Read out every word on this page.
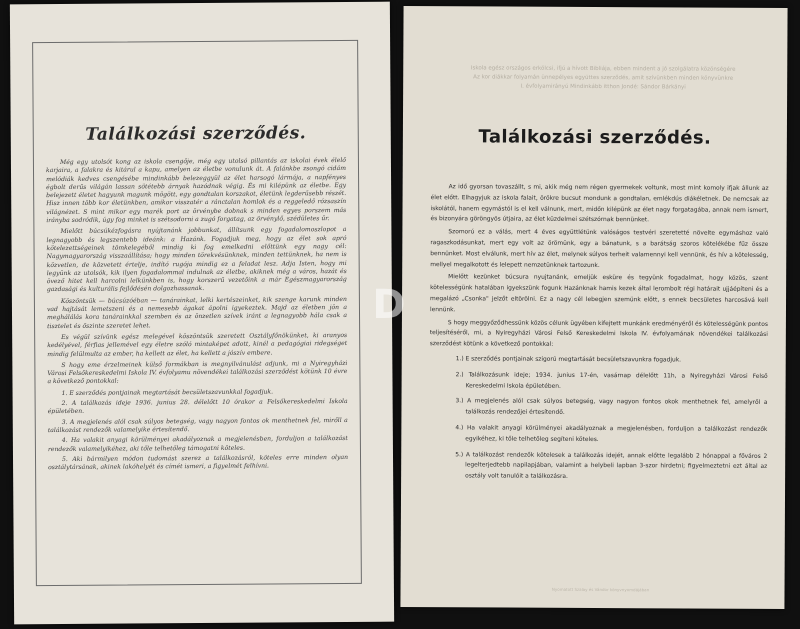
Találkozási szerződés.

Még egy utolsót kong az iskola csengője, még egy utolsó pillantás az iskolai évek élelő karjaira, a falakra és kitárul a kapu, amelyen az életbe vonulunk át. A falánkbe zsongó cidám melódiák kedves csengésébe mindinkább belezeggyül az élet harsogó lármája, a napfényes égbolt derűs világán lassan sötétebb árnyak hazódnak végig. És mi kilépünk az életbe. Egy belejezett életet hagyunk magunk mögött, egy gondtalan korszakot, életünk legderűsebb részét. Hisz innen több kor életünkben, amikor visszatér a ránctalan homlok és a reggeledő rózsaszín világnézet. S mint mikor egy marék port az örvénybe dobnak s minden egyes porszem más irányba sodródik, úgy fog minket is szétsodorni a zugó forgatag, az örvénylő, szédületes űr.

Mielőtt búcsúkézfogásra nyújtanánk jobbunkat, állítsunk egy fogadalomoszlopot a legnagyobb és legszentebb ideánk: a Hazánk. Fogadjuk meg, hogy az élet sok apró kötelezettségeinek tömkelegéből mindig ki fog emelkedni előttünk egy nagy cél: Nagymagyarország visszaállítása; hogy minden törekvésünknek, minden tettünknek, ha nem is közvetlen, de közvetett értelje, indító rugója mindig ez a feladat lesz. Adja Isten, hogy mi legyünk az utolsók, kik ilyen fogadalommal indulnak az életbe, akiknek még a város, hazát és övező hitet kell harcolni lelkünkben is, hogy korszerű vezetőink a már Egészmagyarország gazdasági és kulturális fejlődésén dolgozhassanak.

Köszöntsük — búcsúzóéban — tanárainkat, lelki kertészeinket, kik szenge karunk minden vad hajtását lemetszeni és a nemesebb ágakat ápolni igyekeztek. Majd az életben jön a meghálálás kora tanárainkkal szemben és az önzetlen szívek iránt a legnagyobb hála csak a tisztelet és őszinte szeretet lehet.

Es végül szívünk egész melegével köszöntsük szeretett Osztályfőnökünket, ki aranyos kedélyével, férfias jellemével egy életre szóló mintaképet adott, kinél a pedagógiai ridegséget mindig felülmulta az ember, ha kellett az élet, ha kellett a jószív embere.

S hogy eme érzelmeinek külső formákban is megnyilvánulást adjunk, mi a Nyiregyházi Városi Felsőkereskedelmi Iskola IV. évfolyamu növendékei találkozási szerződést kötünk 10 évre a következő pontokkal:

1. E szerződés pontjainak megtartását becsületszavunkkal fogadjuk.

2. A találkozás ideje 1936. junius 28. délelőtt 10 órakor a Felsőkereskedelmi Iskola épületében.

3. A megjelenés alól csak súlyos betegség, vagy nagyon fontos ok menthetnek fel, mirőll a találkozást rendezők valamelyike értesítendő.

4. Ha valakit anyagi körülményei akadályoznak a megjelenésben, forduljon a találkozást rendezők valamelyikéhez, aki tőle telhetőleg támogatni köteles.

5. Aki bármilyen módon tudomást szerez a találkozásról, köteles erre minden olyan osztálytársának, akinek lakóhelyét és címét ismeri, a figyelmét felhívni.

Iskola egész országos erkölcsi, ifjú a hívott Bibliája, ebben mindent a jó szolgálatra közönségére
Az kor diákkar folyamán ünnepélyes együttes szerződés, amit szívünkben minden könyvünkre
I. évfolyamirányú Mindinkább itthon Jondé: Sándor Bárkányi
Találkozási szerződés.

Az idő gyorsan tovaszállt, s mi, akik még nem régen gyermekek voltunk, most mint komoly ifjak állunk az élet előtt. Elhagyjuk az iskola falait, örökre bucsut mondunk a gondtalan, emlékdús diákéletnek. De nemcsak az iskolától, hanem egymástól is el kell válnunk, mert, midőn kilépünk az élet nagy forgatagába, annak nem ismert, és bizonyára göröngyös útjaira, az élet küzdelmei szétszórnak bennünket.

Szomorú ez a válás, mert 4 éves együttlétünk valóságos testvéri szeretetté növelte egymáshoz való ragaszkodásunkat, mert egy volt az örömünk, egy a bánatunk, s a barátság szoros kötelékébe fűz össze bennünket. Most elválunk, mert hív az élet, melynek súlyos terheit valamennyi kell vennünk, és hív a kötelesség, mellyel megalkotott és lelepett nemzetünknek tartozunk.

Mielőtt kezünket búcsura nyujtanánk, emeljük esküre és tegyünk fogadalmat, hogy közös, szent kötelességünk hatalában igyekszünk fogunk Hazánknak hamis kezek által lerombolt régi határait ujjáépíteni és a megalázó „Csonka" jelzőt eltörölni. Ez a nagy cél lebegjen szemünk előtt, s ennek becsületes harcosává kell lennünk.

S hogy meggyőződhessünk közös célunk ügyében kifejtett munkánk eredményéről és kötelességünk pontos teljesítéséről, mi, a Nyiregyházi Városi Felső Kereskedelmi Iskola IV. évfolyamának növendékei találkozási szerződést kötünk a következő pontokkal:

1.) E szerződés pontjainak szigorú megtartását becsületszavunkra fogadjuk.
2.) Találkozásunk ideje; 1934. junius 17-én, vasárnap délelőtt 11h, a Nyiregyházi Városi Felső Kereskedelmi Iskola épületében.
3.) A megjelenés alól csak súlyos betegség, vagy nagyon fontos okok menthetnek fel, amelyről a találkozás rendezőjei értesítendő.
4.) Ha valakit anyagi körülményei akadályoznak a megjelenésben, forduljon a találkozást rendezők egyikéhez, ki tőle telhetőleg segíteni köteles.
5.) A találkozást rendezők kötelesek a találkozás idejét, annak előtte legalább 2 hónappal a főváros 2 legelterjedtebb napilapjában, valamint a helybeli lapban 3-szor hirdetni; figyelmeztetni ezt által az osztály volt tanulóit a találkozásra.
Nyomatott Szalay és Vándor könyvnyomdájában
D
